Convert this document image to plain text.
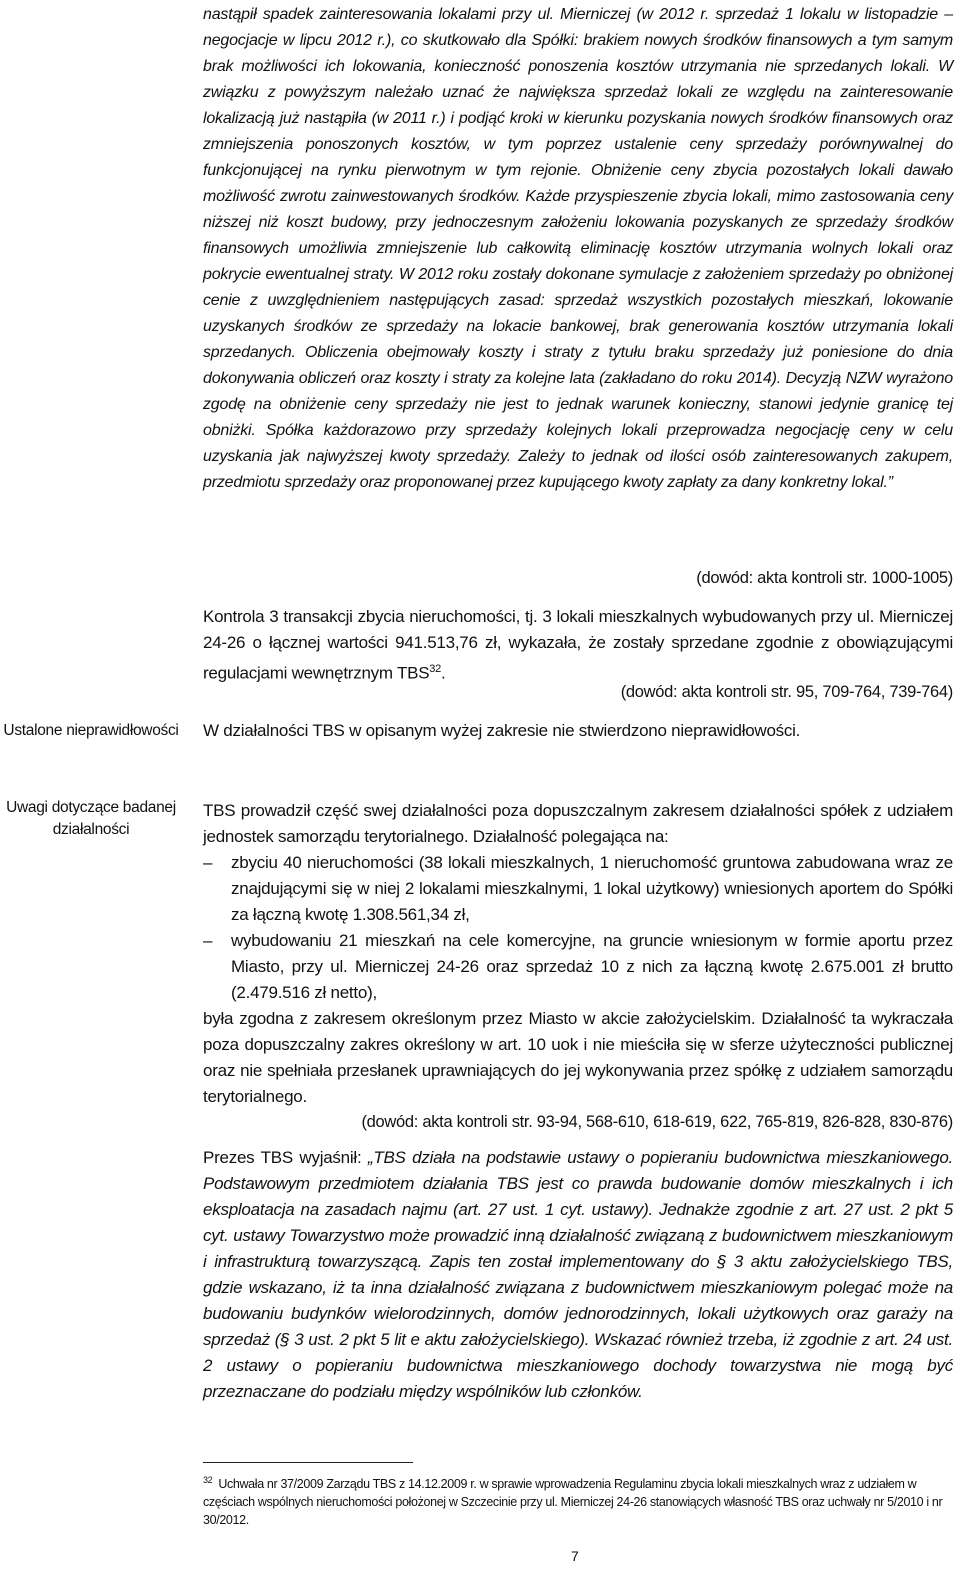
nastąpił spadek zainteresowania lokalami przy ul. Mierniczej (w 2012 r. sprzedaż 1 lokalu w listopadzie – negocjacje w lipcu 2012 r.), co skutkowało dla Spółki: brakiem nowych środków finansowych a tym samym brak możliwości ich lokowania, konieczność ponoszenia kosztów utrzymania nie sprzedanych lokali. W związku z powyższym należało uznać że największa sprzedaż lokali ze względu na zainteresowanie lokalizacją już nastąpiła (w 2011 r.) i podjąć kroki w kierunku pozyskania nowych środków finansowych oraz zmniejszenia ponoszonych kosztów, w tym poprzez ustalenie ceny sprzedaży porównywalnej do funkcjonującej na rynku pierwotnym w tym rejonie. Obniżenie ceny zbycia pozostałych lokali dawało możliwość zwrotu zainwestowanych środków. Każde przyspieszenie zbycia lokali, mimo zastosowania ceny niższej niż koszt budowy, przy jednoczesnym założeniu lokowania pozyskanych ze sprzedaży środków finansowych umożliwia zmniejszenie lub całkowitą eliminację kosztów utrzymania wolnych lokali oraz pokrycie ewentualnej straty. W 2012 roku zostały dokonane symulacje z założeniem sprzedaży po obniżonej cenie z uwzględnieniem następujących zasad: sprzedaż wszystkich pozostałych mieszkań, lokowanie uzyskanych środków ze sprzedaży na lokacie bankowej, brak generowania kosztów utrzymania lokali sprzedanych. Obliczenia obejmowały koszty i straty z tytułu braku sprzedaży już poniesione do dnia dokonywania obliczeń oraz koszty i straty za kolejne lata (zakładano do roku 2014). Decyzją NZW wyrażono zgodę na obniżenie ceny sprzedaży nie jest to jednak warunek konieczny, stanowi jedynie granicę tej obniżki. Spółka każdorazowo przy sprzedaży kolejnych lokali przeprowadza negocjację ceny w celu uzyskania jak najwyższej kwoty sprzedaży. Zależy to jednak od ilości osób zainteresowanych zakupem, przedmiotu sprzedaży oraz proponowanej przez kupującego kwoty zapłaty za dany konkretny lokal.”
(dowód: akta kontroli str. 1000-1005)
Kontrola 3 transakcji zbycia nieruchomości, tj. 3 lokali mieszkalnych wybudowanych przy ul. Mierniczej 24-26 o łącznej wartości 941.513,76 zł, wykazała, że zostały sprzedane zgodnie z obowiązującymi regulacjami wewnętrznym TBS$^{32}$.
(dowód: akta kontroli str. 95, 709-764, 739-764)
Ustalone nieprawidłowości W działalności TBS w opisanym wyżej zakresie nie stwierdzono nieprawidłowości.
Uwagi dotyczące badanej działalności
TBS prowadził część swej działalności poza dopuszczalnym zakresem działalności spółek z udziałem jednostek samorządu terytorialnego. Działalność polegająca na:
– zbyciu 40 nieruchomości (38 lokali mieszkalnych, 1 nieruchomość gruntowa zabudowana wraz ze znajdującymi się w niej 2 lokalami mieszkalnymi, 1 lokal użytkowy) wniesionych aportem do Spółki za łączną kwotę 1.308.561,34 zł,
– wybudowaniu 21 mieszkań na cele komercyjne, na gruncie wniesionym w formie aportu przez Miasto, przy ul. Mierniczej 24-26 oraz sprzedaż 10 z nich za łączną kwotę 2.675.001 zł brutto (2.479.516 zł netto),
była zgodna z zakresem określonym przez Miasto w akcie założycielskim. Działalność ta wykraczała poza dopuszczalny zakres określony w art. 10 uok i nie mieściła się w sferze użyteczności publicznej oraz nie spełniała przesłanek uprawniających do jej wykonywania przez spółkę z udziałem samorządu terytorialnego.
(dowód: akta kontroli str. 93-94, 568-610, 618-619, 622, 765-819, 826-828, 830-876)
Prezes TBS wyjaśnił: „TBS działa na podstawie ustawy o popieraniu budownictwa mieszkaniowego. Podstawowym przedmiotem działania TBS jest co prawda budowanie domów mieszkalnych i ich eksploatacja na zasadach najmu (art. 27 ust. 1 cyt. ustawy). Jednakże zgodnie z art. 27 ust. 2 pkt 5 cyt. ustawy Towarzystwo może prowadzić inną działalność związaną z budownictwem mieszkaniowym i infrastrukturą towarzyszącą. Zapis ten został implementowany do § 3 aktu założycielskiego TBS, gdzie wskazano, iż ta inna działalność związana z budownictwem mieszkaniowym polegać może na budowaniu budynków wielorodzinnych, domów jednorodzinnych, lokali użytkowych oraz garaży na sprzedaż (§ 3 ust. 2 pkt 5 lit e aktu założycielskiego). Wskazać również trzeba, iż zgodnie z art. 24 ust. 2 ustawy o popieraniu budownictwa mieszkaniowego dochody towarzystwa nie mogą być przeznaczane do podziału między wspólników lub członków.
$^{32}$ Uchwała nr 37/2009 Zarządu TBS z 14.12.2009 r. w sprawie wprowadzenia Regulaminu zbycia lokali mieszkalnych wraz z udziałem w częściach wspólnych nieruchomości położonej w Szczecinie przy ul. Mierniczej 24-26 stanowiących własność TBS oraz uchwały nr 5/2010 i nr 30/2012.
7
